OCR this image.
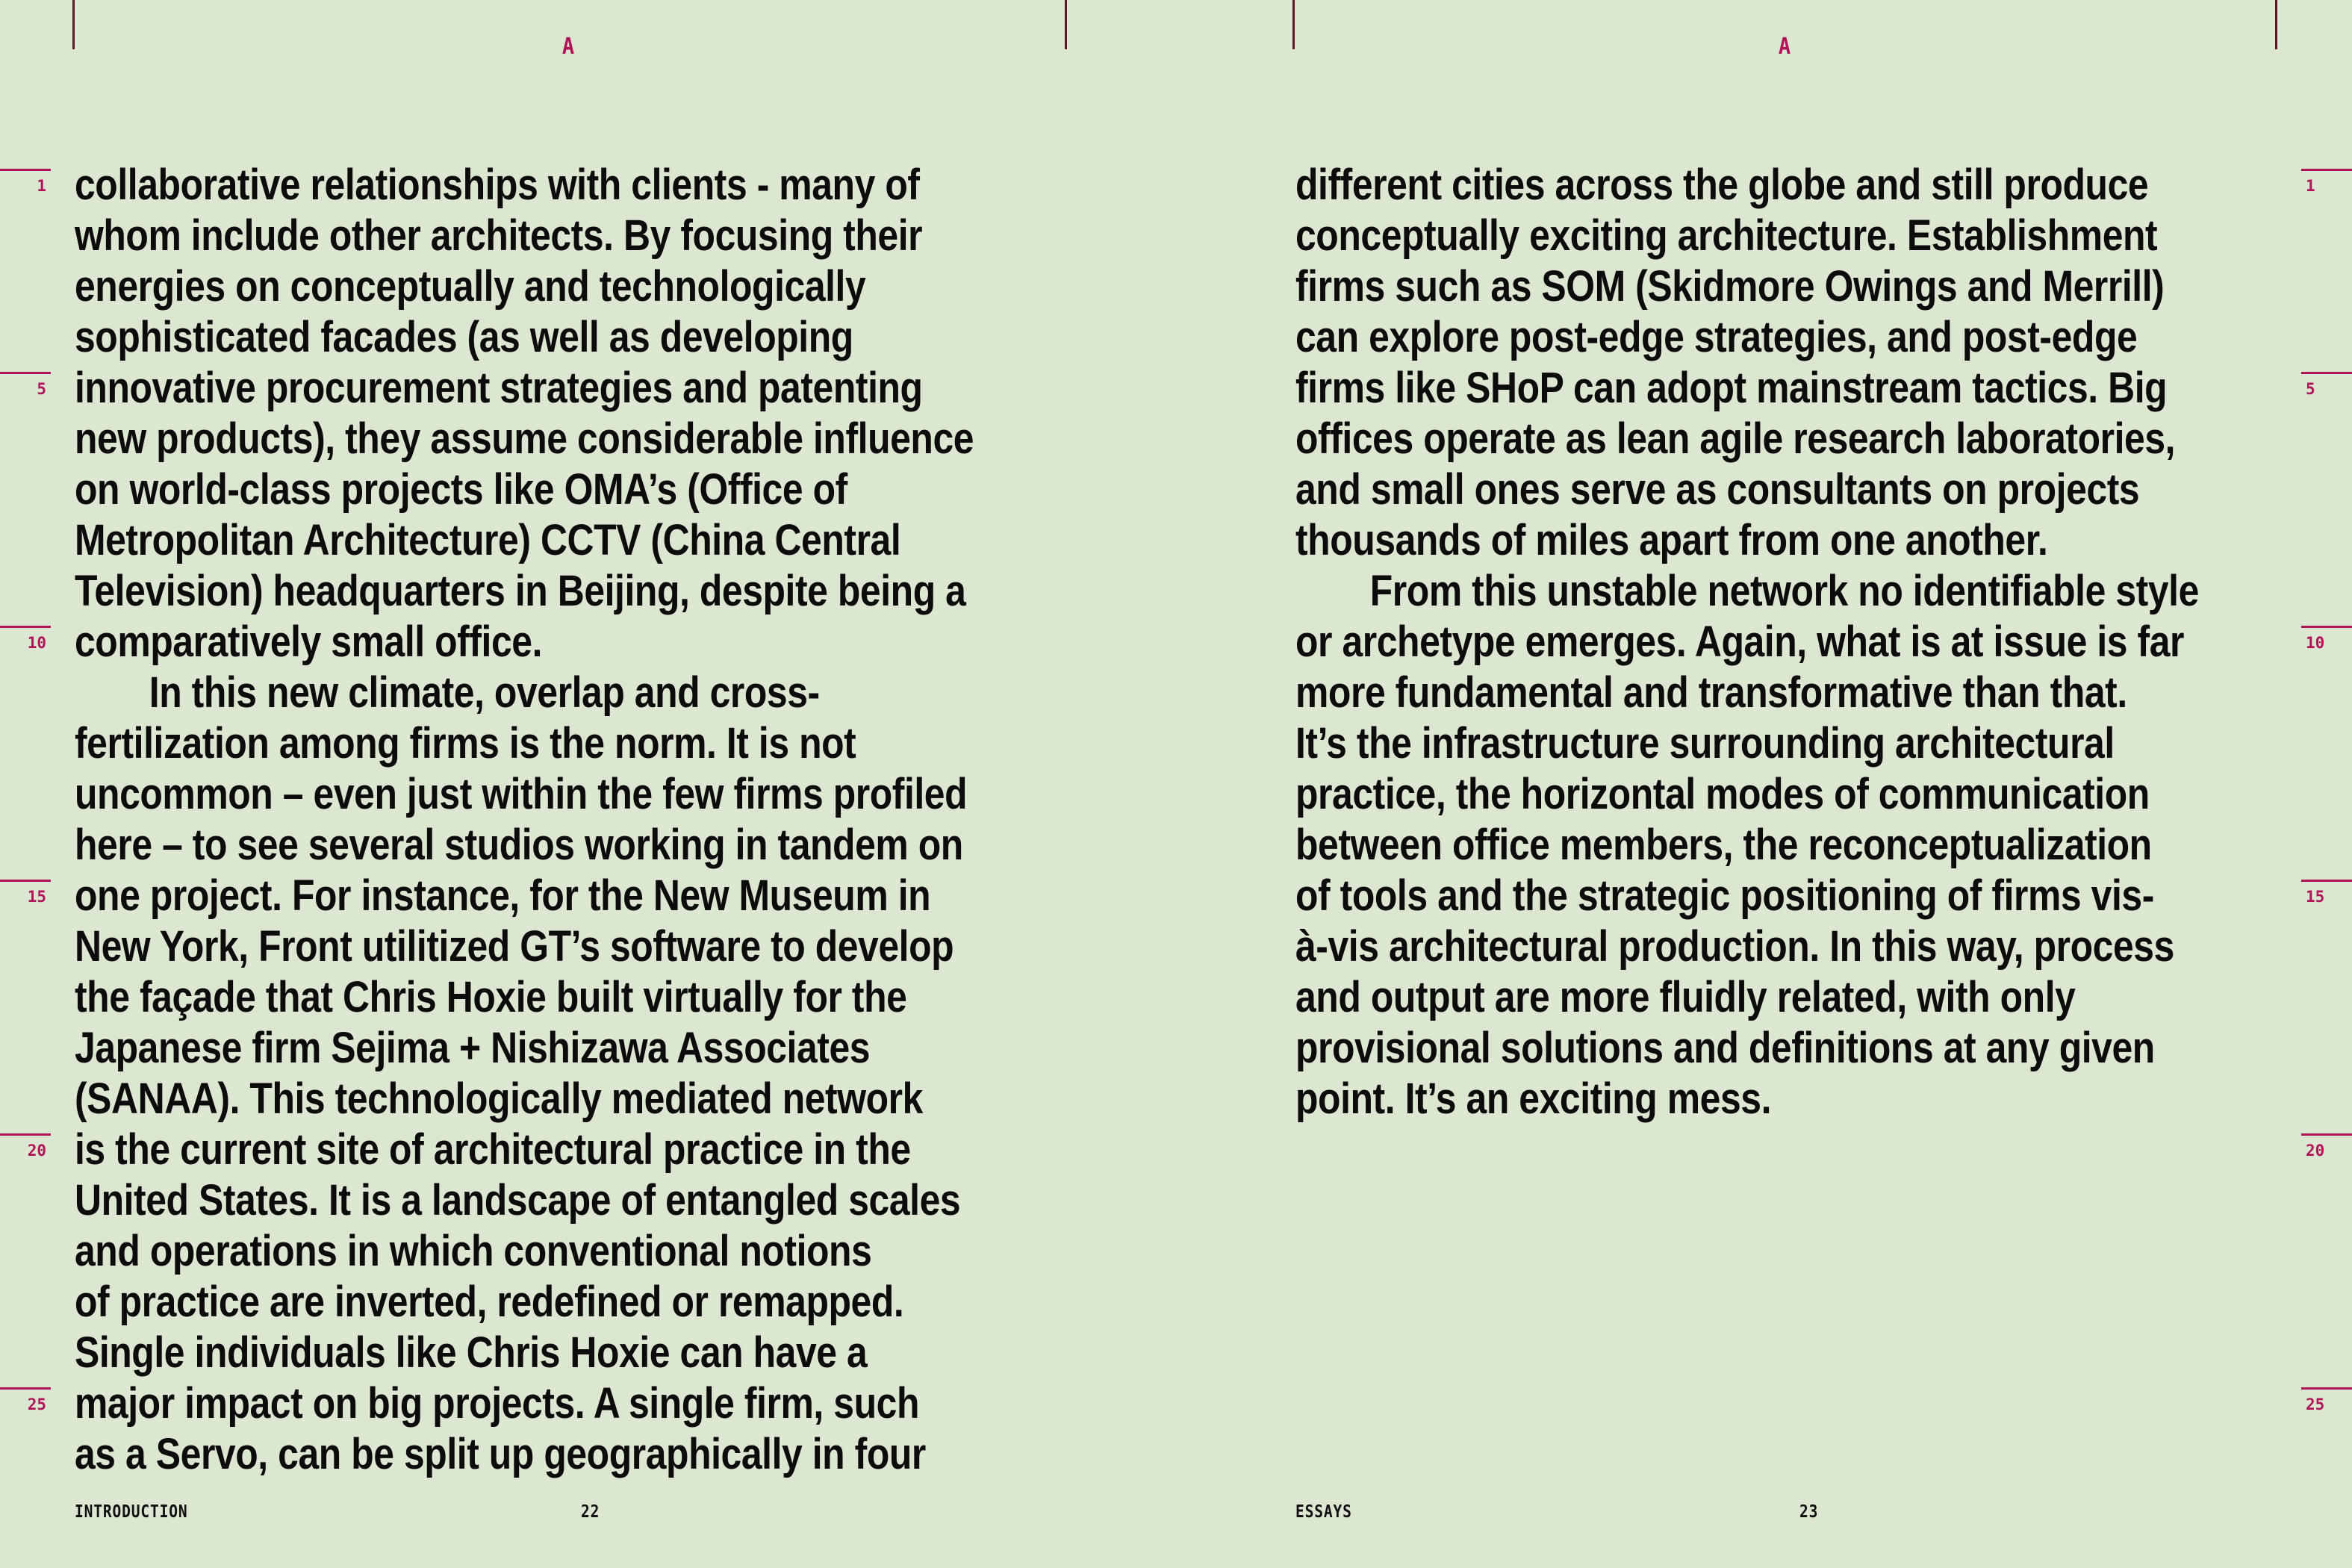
A	A
1
5
10
15
20
25
1
5
10
15
20
25
collaborative relationships with clients - many of
whom include other architects. By focusing their
energies on conceptually and technologically
sophisticated facades (as well as developing
innovative procurement strategies and patenting
new products), they assume considerable influence
on world-class projects like OMA’s (Office of
Metropolitan Architecture) CCTV (China Central
Television) headquarters in Beijing, despite being a
comparatively small office.
In this new climate, overlap and cross-
fertilization among firms is the norm. It is not
uncommon – even just within the few firms profiled
here – to see several studios working in tandem on
one project. For instance, for the New Museum in
New York, Front utilitized GT’s software to develop
the façade that Chris Hoxie built virtually for the
Japanese firm Sejima + Nishizawa Associates
(SANAA). This technologically mediated network
is the current site of architectural practice in the
United States. It is a landscape of entangled scales
and operations in which conventional notions
of practice are inverted, redefined or remapped.
Single individuals like Chris Hoxie can have a
major impact on big projects. A single firm, such
as a Servo, can be split up geographically in four
different cities across the globe and still produce
conceptually exciting architecture. Establishment
firms such as SOM (Skidmore Owings and Merrill)
can explore post-edge strategies, and post-edge
firms like SHoP can adopt mainstream tactics. Big
offices operate as lean agile research laboratories,
and small ones serve as consultants on projects
thousands of miles apart from one another.
From this unstable network no identifiable style
or archetype emerges. Again, what is at issue is far
more fundamental and transformative than that.
It’s the infrastructure surrounding architectural
practice, the horizontal modes of communication
between office members, the reconceptualization
of tools and the strategic positioning of firms vis-
à-vis architectural production. In this way, process
and output are more fluidly related, with only
provisional solutions and definitions at any given
point. It’s an exciting mess.
INTRODUCTION	22	ESSAYS	23
